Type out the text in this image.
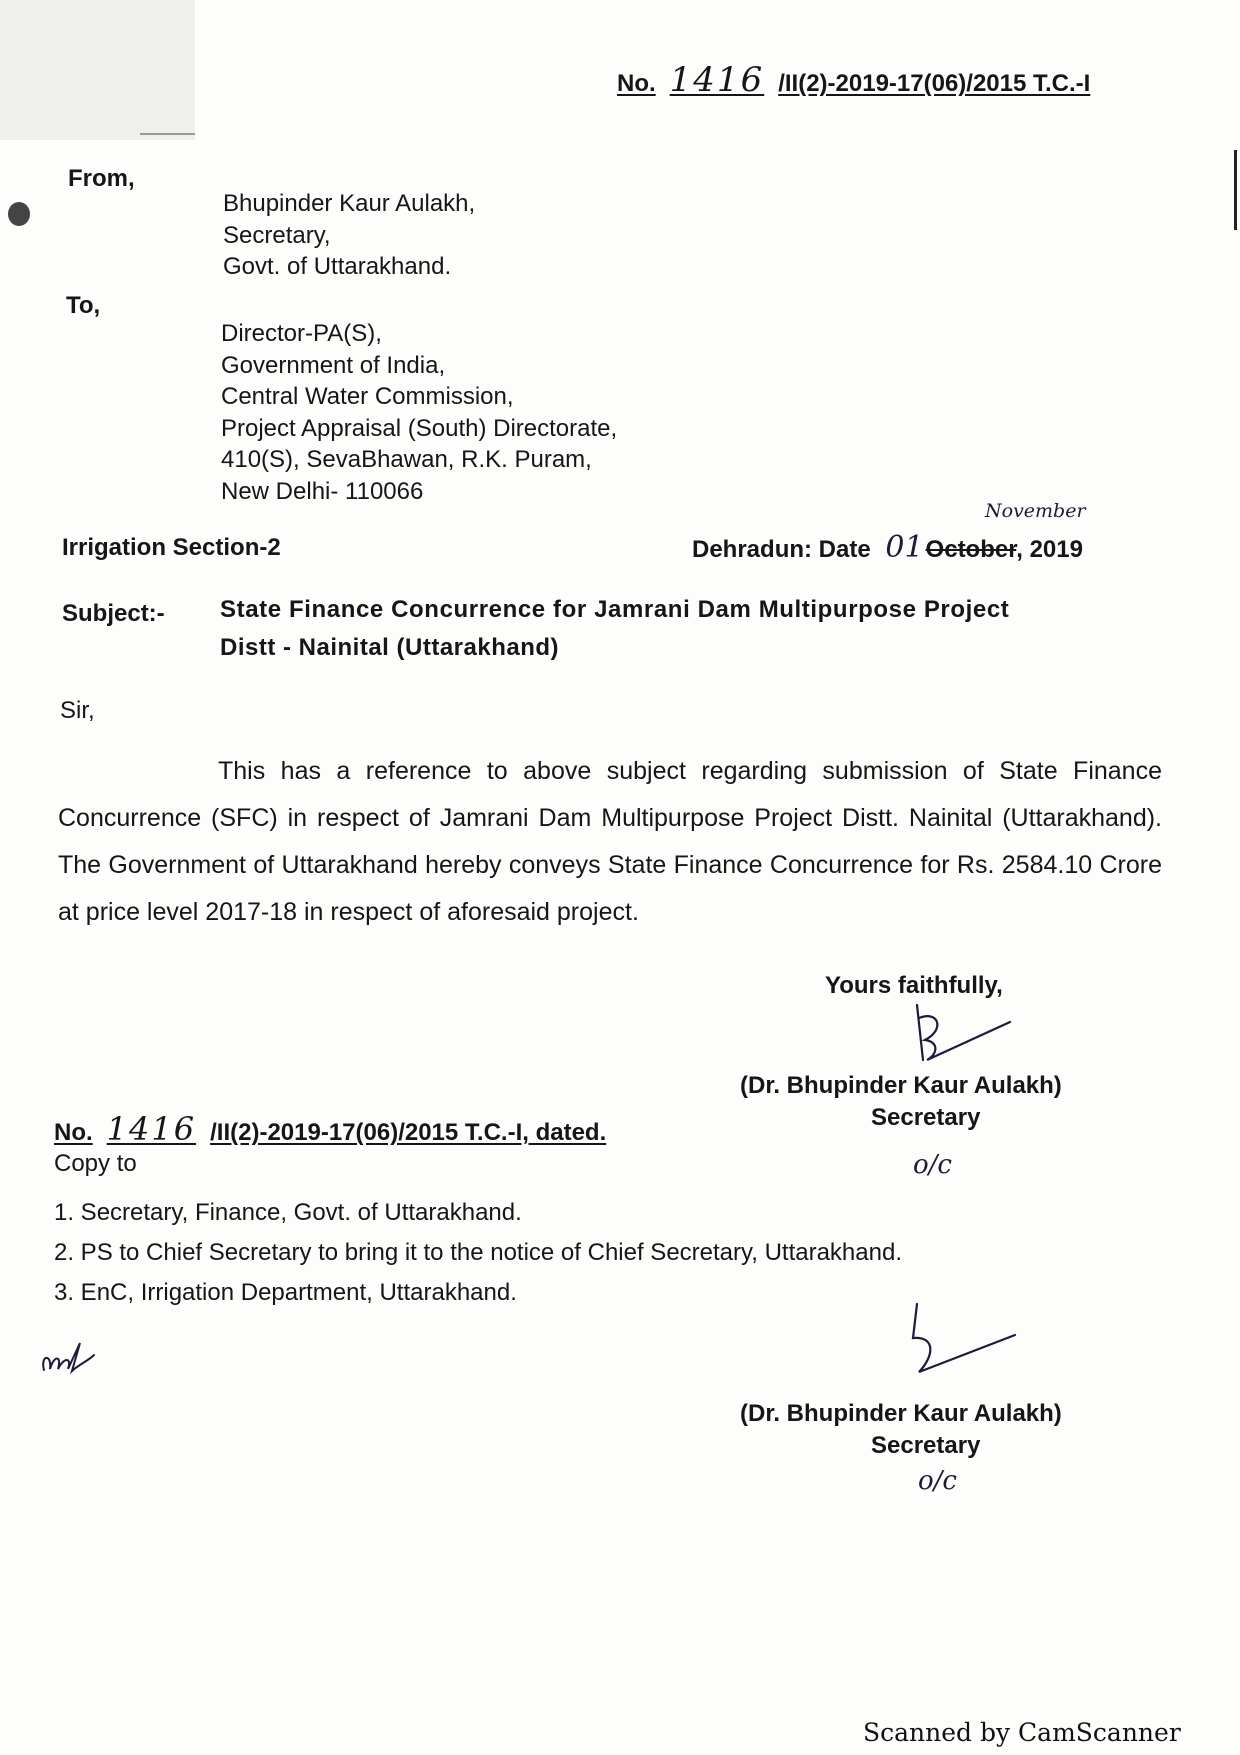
No. 1416 /II(2)-2019-17(06)/2015 T.C.-I
From,
Bhupinder Kaur Aulakh,
Secretary,
Govt. of Uttarakhand.
To,
Director-PA(S),
Government of India,
Central Water Commission,
Project Appraisal (South) Directorate,
410(S), SevaBhawan, R.K. Puram,
New Delhi- 110066
Irrigation Section-2	Dehradun: Date 01October, 2019
November
Subject:- State Finance Concurrence for Jamrani Dam Multipurpose Project
Distt - Nainital (Uttarakhand)
Sir,
This has a reference to above subject regarding submission of State Finance Concurrence (SFC) in respect of Jamrani Dam Multipurpose Project Distt. Nainital (Uttarakhand). The Government of Uttarakhand hereby conveys State Finance Concurrence for Rs. 2584.10 Crore at price level 2017-18 in respect of aforesaid project.
Yours faithfully,
(Dr. Bhupinder Kaur Aulakh)
Secretary
o/c
No. 1416 /II(2)-2019-17(06)/2015 T.C.-I, dated.
Copy to
1. Secretary, Finance, Govt. of Uttarakhand.
2. PS to Chief Secretary to bring it to the notice of Chief Secretary, Uttarakhand.
3. EnC, Irrigation Department, Uttarakhand.
(Dr. Bhupinder Kaur Aulakh)
Secretary
o/c
Scanned by CamScanner
